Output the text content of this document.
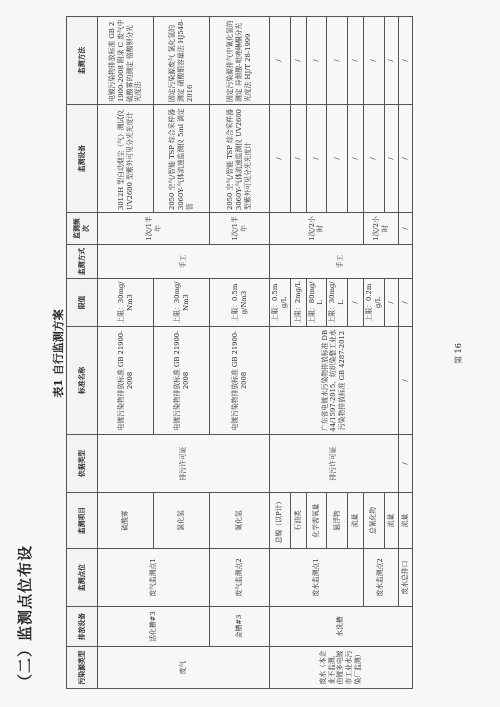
（二）监测点位布设
表1 自行监测方案
污染源类型	排放设备	监测点位	监测项目	依据类型	标准名称	限值	监测方式	监测频次	监测设备	监测方法
废气	活化槽#3	废气监测点1	硫酸雾	排污许可证	电镀污染物排放标准 GB 21900-2008	上限：30mg/Nm3	手工	1次/1半年	3012H 型自动烟尘（气）测试仪 UV2600 型紫外可见分光光度计	电镀污染物排放标准 GB 21900-2008 附录 C 废气中硫酸雾的测定 铬酸钡分光光度法
			氯化氢		电镀污染物排放标准 GB 21900-2008	上限：30mg/Nm3			2050 空气/智能 TSP 综合采样器 3060Y-气体流速监测仪 5ml 滴定管	固定污染源废气 氯化氢的测定 硝酸银容量法 HJ548-2016
	金槽#3	废气监测点2	氰化氢		电镀污染物排放标准 GB 21900-2008	上限：0.5mg/Nm3		1次/1半年	2050 空气/智能 TSP 综合采样器 3060Y-气体流速监测仪 UV2600 型紫外可见分光光度计	固定污染源排气中氰化氢的测定 异烟酸-吡唑啉酮分光光度法 HJ/T 28-1999
废水（本企业不监测，由镀多电镀市工业水污染厂监测）	水洗槽	废水监测点1	总镍（以P计）	排污许可证	广东省电镀水污染物排放标准 DB44/1597-2015、纺织染整工业水污染物排放标准 GB 4287-2012	上限：0.5mg/L	手工	1次/2小时	/	/
			石油类			上限：2mg/L			/	/
			化学需氧量			上限：80mg/L			/	/
			悬浮物			上限：30mg/L			/	/
			流量			/			/	/
		废水监测点2	总氰化物			上限：0.2mg/L		1次/2小时	/	/
			流量			/			/	/
		废水总排口	流量	/	/	/		/	/	/
第 16
